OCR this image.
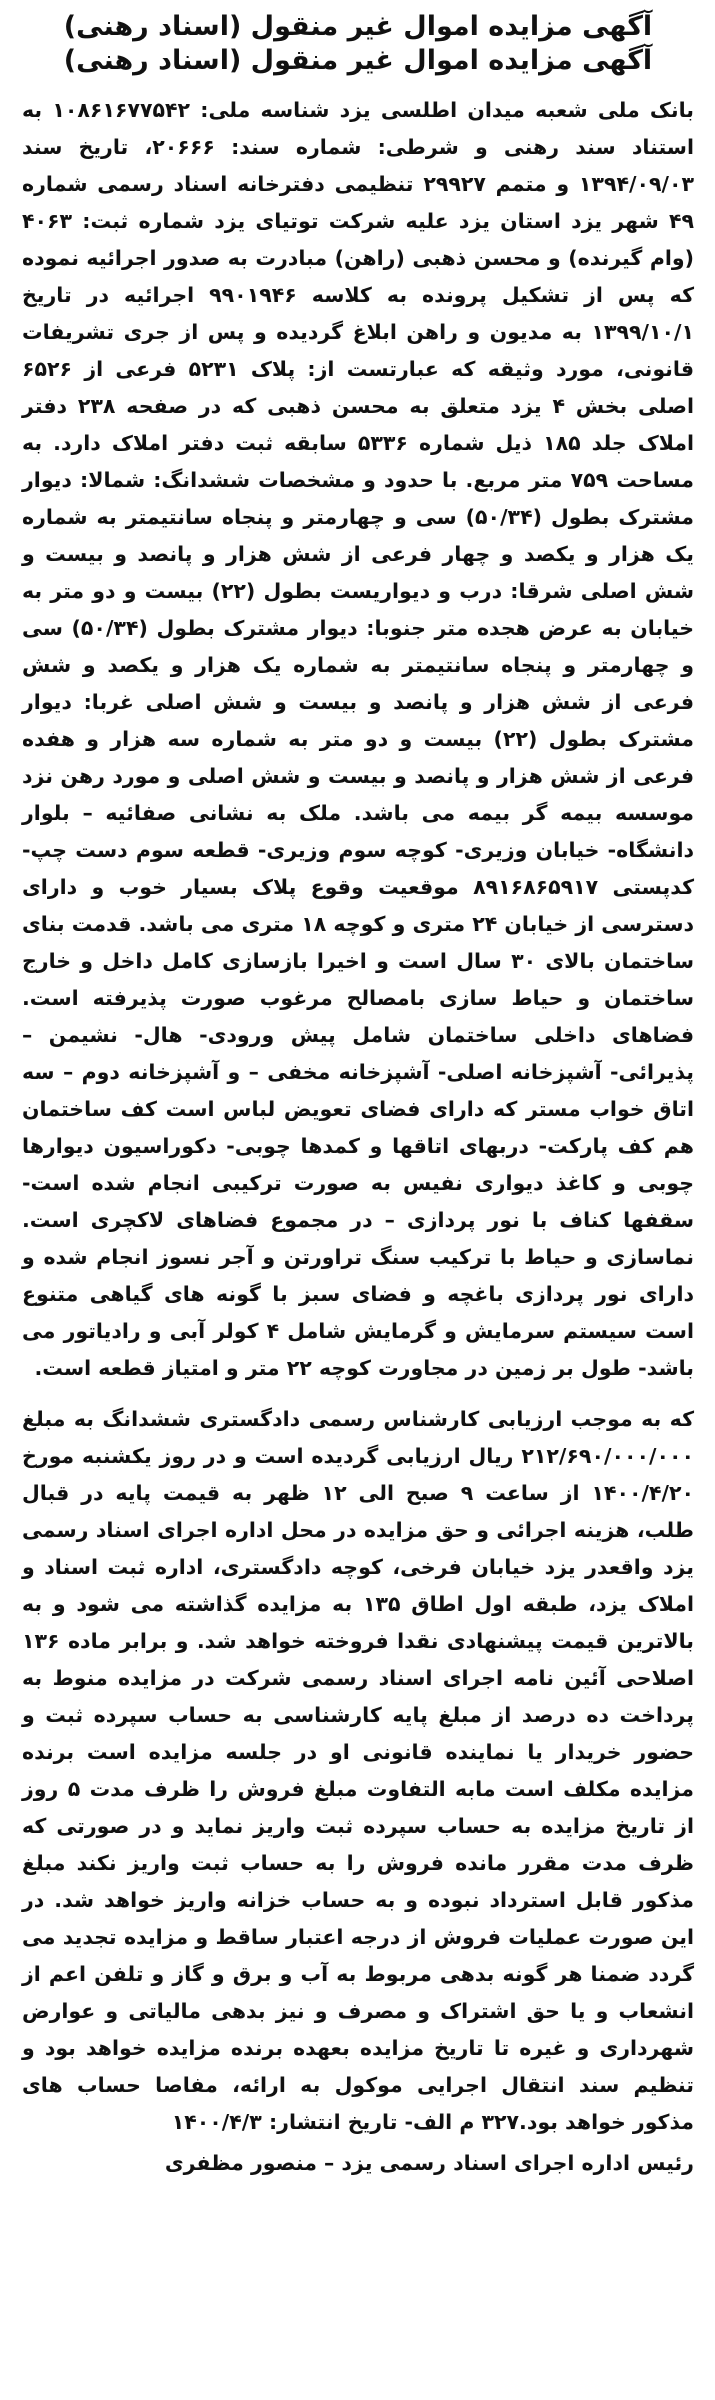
آگهی مزایده اموال غیر منقول (اسناد رهنی)
آگهی مزایده اموال غیر منقول (اسناد رهنی)

بانک ملی شعبه میدان اطلسی یزد شناسه ملی: ۱۰۸۶۱۶۷۷۵۴۲ به استناد سند رهنی و شرطی: شماره سند: ۲۰۶۶۶، تاریخ سند ۱۳۹۴/۰۹/۰۳ و متمم ۲۹۹۲۷ تنظیمی دفترخانه اسناد رسمی شماره ۴۹ شهر یزد استان یزد علیه شرکت توتیای یزد شماره ثبت: ۴۰۶۳ (وام گیرنده) و محسن ذهبی (راهن) مبادرت به صدور اجرائیه نموده که پس از تشکیل پرونده به کلاسه ۹۹۰۱۹۴۶ اجرائیه در تاریخ ۱۳۹۹/۱۰/۱ به مدیون و راهن ابلاغ گردیده و پس از جری تشریفات قانونی، مورد وثیقه که عبارتست از: پلاک ۵۲۳۱ فرعی از ۶۵۲۶ اصلی بخش ۴ یزد متعلق به محسن ذهبی که در صفحه ۲۳۸ دفتر املاک جلد ۱۸۵ ذیل شماره ۵۳۳۶ سابقه ثبت دفتر املاک دارد. به مساحت ۷۵۹ متر مربع. با حدود و مشخصات ششدانگ: شمالا: دیوار مشترک بطول (۵۰/۳۴) سی و چهارمتر و پنجاه سانتیمتر به شماره یک هزار و یکصد و چهار فرعی از شش هزار و پانصد و بیست و شش اصلی شرقا: درب و دیواریست بطول (۲۲) بیست و دو متر به خیابان به عرض هجده متر جنوبا: دیوار مشترک بطول (۵۰/۳۴) سی و چهارمتر و پنجاه سانتیمتر به شماره یک هزار و یکصد و شش فرعی از شش هزار و پانصد و بیست و شش اصلی غربا: دیوار مشترک بطول (۲۲) بیست و دو متر به شماره سه هزار و هفده فرعی از شش هزار و پانصد و بیست و شش اصلی و مورد رهن نزد موسسه بیمه گر بیمه می باشد. ملک به نشانی صفائیه – بلوار دانشگاه- خیابان وزیری- کوچه سوم وزیری- قطعه سوم دست چپ- کدپستی ۸۹۱۶۸۶۵۹۱۷ موقعیت وقوع پلاک بسیار خوب و دارای دسترسی از خیابان ۲۴ متری و کوچه ۱۸ متری می باشد. قدمت بنای ساختمان بالای ۳۰ سال است و اخیرا بازسازی کامل داخل و خارج ساختمان و حیاط سازی بامصالح مرغوب صورت پذیرفته است. فضاهای داخلی ساختمان شامل پیش ورودی- هال- نشیمن –پذیرائی- آشپزخانه اصلی- آشپزخانه مخفی – و آشپزخانه دوم – سه اتاق خواب مستر که دارای فضای تعویض لباس است کف ساختمان هم کف پارکت- دربهای اتاقها و کمدها چوبی- دکوراسیون دیوارها چوبی و کاغذ دیواری نفیس به صورت ترکیبی انجام شده است- سقفها کناف با نور پردازی – در مجموع فضاهای لاکچری است. نماسازی و حیاط با ترکیب سنگ تراورتن و آجر نسوز انجام شده و دارای نور پردازی باغچه و فضای سبز با گونه های گیاهی متنوع است سیستم سرمایش و گرمایش شامل ۴ کولر آبی و رادیاتور می باشد- طول بر زمین در مجاورت کوچه ۲۲ متر و امتیاز قطعه است.

که به موجب ارزیابی کارشناس رسمی دادگستری ششدانگ به مبلغ ۲۱۲/۶۹۰/۰۰۰/۰۰۰ ریال ارزیابی گردیده است و در روز یکشنبه مورخ ۱۴۰۰/۴/۲۰ از ساعت ۹ صبح الی ۱۲ ظهر به قیمت پایه در قبال طلب، هزینه اجرائی و حق مزایده در محل اداره اجرای اسناد رسمی یزد واقعدر یزد خیابان فرخی، کوچه دادگستری، اداره ثبت اسناد و املاک یزد، طبقه اول اطاق ۱۳۵ به مزایده گذاشته می شود و به بالاترین قیمت پیشنهادی نقدا فروخته خواهد شد. و برابر ماده ۱۳۶ اصلاحی آئین نامه اجرای اسناد رسمی شرکت در مزایده منوط به پرداخت ده درصد از مبلغ پایه کارشناسی به حساب سپرده ثبت و حضور خریدار یا نماینده قانونی او در جلسه مزایده است برنده مزایده مکلف است مابه التفاوت مبلغ فروش را ظرف مدت ۵ روز از تاریخ مزایده به حساب سپرده ثبت واریز نماید و در صورتی که ظرف مدت مقرر مانده فروش را به حساب ثبت واریز نکند مبلغ مذکور قابل استرداد نبوده و به حساب خزانه واریز خواهد شد. در این صورت عملیات فروش از درجه اعتبار ساقط و مزایده تجدید می گردد ضمنا هر گونه بدهی مربوط به آب و برق و گاز و تلفن اعم از انشعاب و یا حق اشتراک و مصرف و نیز بدهی مالیاتی و عوارض شهرداری و غیره تا تاریخ مزایده بعهده برنده مزایده خواهد بود و تنظیم سند انتقال اجرایی موکول به ارائه، مفاصا حساب های مذکور خواهد بود.۳۲۷ م الف- تاریخ انتشار: ۱۴۰۰/۴/۳

رئیس اداره اجرای اسناد رسمی یزد – منصور مظفری
